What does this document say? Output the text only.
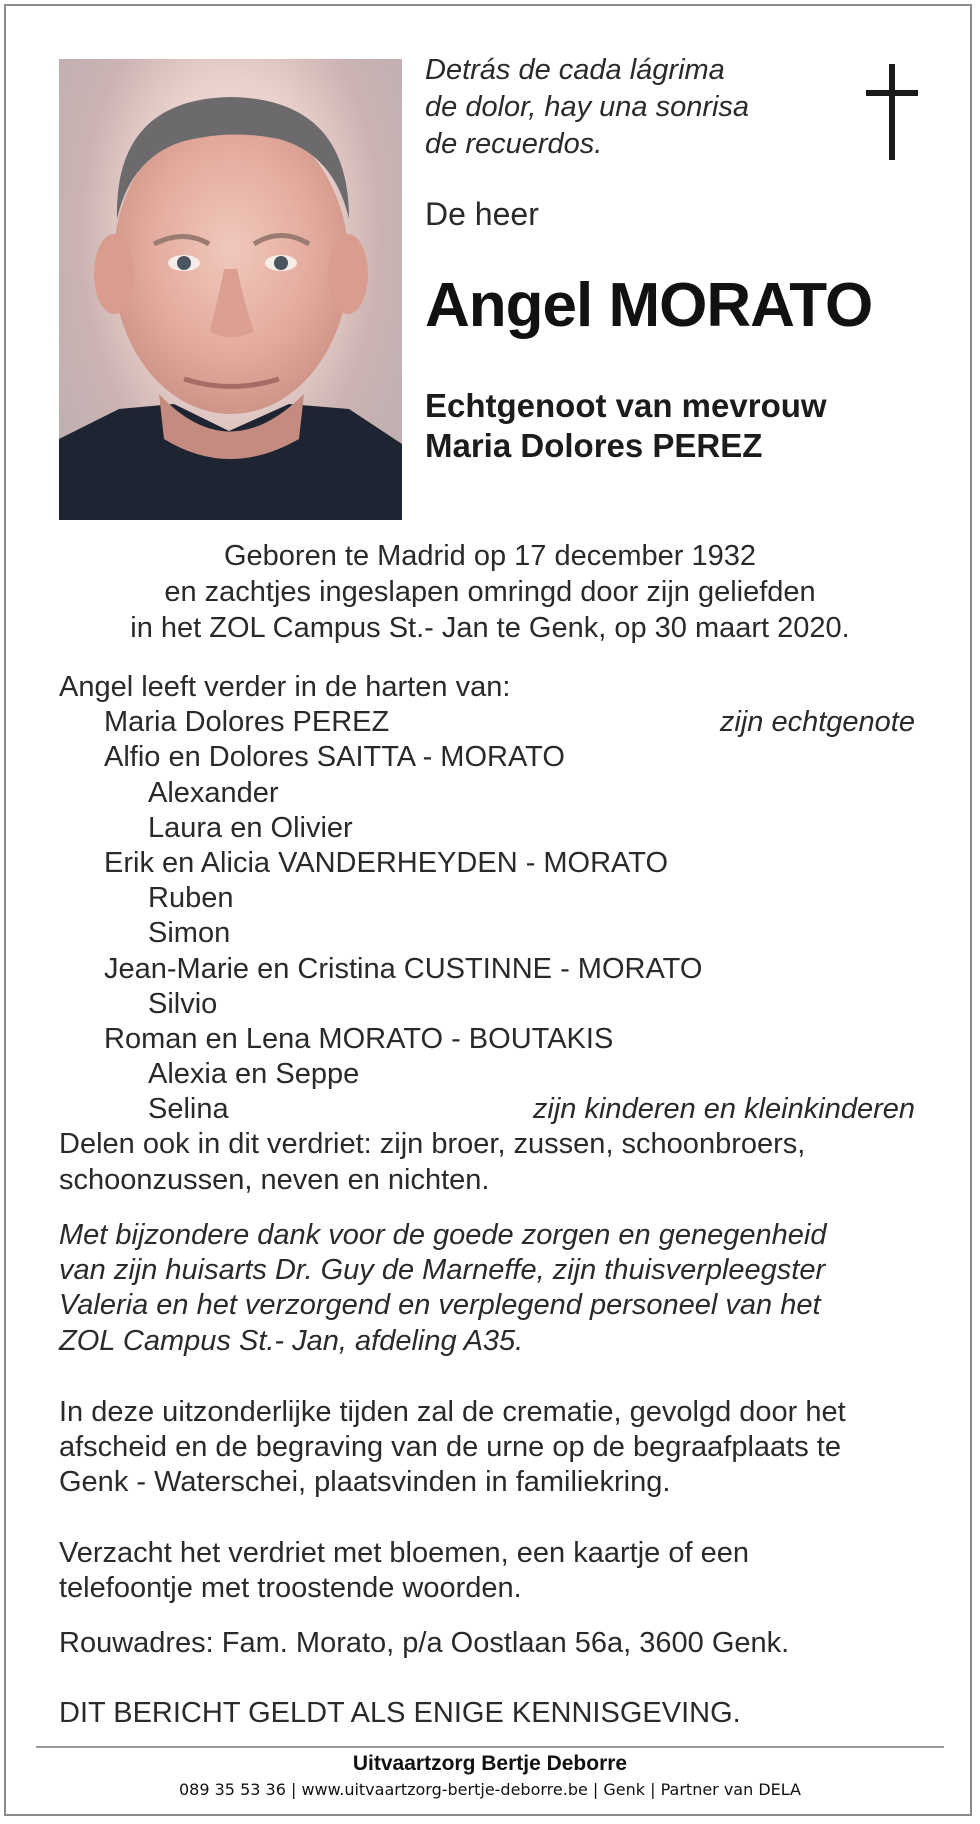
Detrás de cada lágrima
de dolor, hay una sonrisa
de recuerdos.
De heer
Angel MORATO
Echtgenoot van mevrouw
Maria Dolores PEREZ
Geboren te Madrid op 17 december 1932
en zachtjes ingeslapen omringd door zijn geliefden
in het ZOL Campus St.- Jan te Genk, op 30 maart 2020.
Angel leeft verder in de harten van:
Maria Dolores PEREZ	zijn echtgenote
Alfio en Dolores SAITTA - MORATO
Alexander
Laura en Olivier
Erik en Alicia VANDERHEYDEN - MORATO
Ruben
Simon
Jean-Marie en Cristina CUSTINNE - MORATO
Silvio
Roman en Lena MORATO - BOUTAKIS
Alexia en Seppe
Selina	zijn kinderen en kleinkinderen
Delen ook in dit verdriet: zijn broer, zussen, schoonbroers,
schoonzussen, neven en nichten.
Met bijzondere dank voor de goede zorgen en genegenheid
van zijn huisarts Dr. Guy de Marneffe, zijn thuisverpleegster
Valeria en het verzorgend en verplegend personeel van het
ZOL Campus St.- Jan, afdeling A35.
In deze uitzonderlijke tijden zal de crematie, gevolgd door het
afscheid en de begraving van de urne op de begraafplaats te
Genk - Waterschei, plaatsvinden in familiekring.
Verzacht het verdriet met bloemen, een kaartje of een
telefoontje met troostende woorden.
Rouwadres: Fam. Morato, p/a Oostlaan 56a, 3600 Genk.
DIT BERICHT GELDT ALS ENIGE KENNISGEVING.
Uitvaartzorg Bertje Deborre
089 35 53 36 | www.uitvaartzorg-bertje-deborre.be | Genk | Partner van DELA
